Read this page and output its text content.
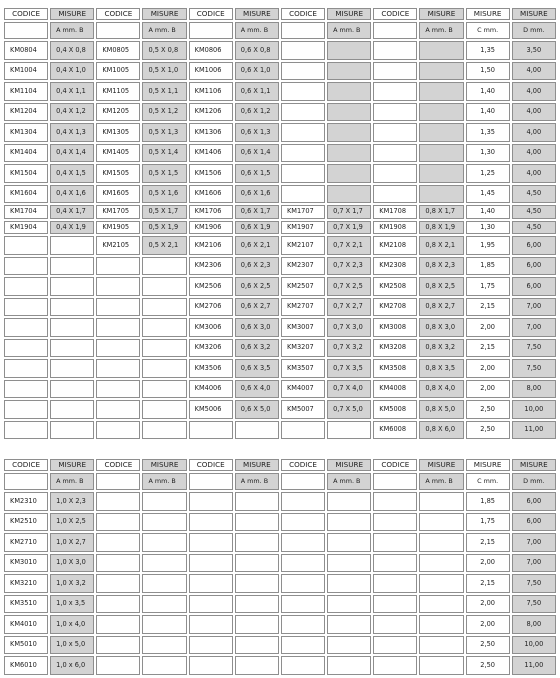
CODICE	MISURE	CODICE	MISURE	CODICE	MISURE	CODICE	MISURE	CODICE	MISURE	MISURE	MISURE
	A mm. B		A mm. B		A mm. B		A mm. B		A mm. B	C mm.	D mm.
KM0804	0,4 X 0,8	KM0805	0,5 X 0,8	KM0806	0,6 X 0,8					1,35	3,50
KM1004	0,4 X 1,0	KM1005	0,5 X 1,0	KM1006	0,6 X 1,0					1,50	4,00
KM1104	0,4 X 1,1	KM1105	0,5 X 1,1	KM1106	0,6 X 1,1					1,40	4,00
KM1204	0,4 X 1,2	KM1205	0,5 X 1,2	KM1206	0,6 X 1,2					1,40	4,00
KM1304	0,4 X 1,3	KM1305	0,5 X 1,3	KM1306	0,6 X 1,3					1,35	4,00
KM1404	0,4 X 1,4	KM1405	0,5 X 1,4	KM1406	0,6 X 1,4					1,30	4,00
KM1504	0,4 X 1,5	KM1505	0,5 X 1,5	KM1506	0,6 X 1,5					1,25	4,00
KM1604	0,4 X 1,6	KM1605	0,5 X 1,6	KM1606	0,6 X 1,6					1,45	4,50
KM1704	0,4 X 1,7	KM1705	0,5 X 1,7	KM1706	0,6 X 1,7	KM1707	0,7 X 1,7	KM1708	0,8 X 1,7	1,40	4,50
KM1904	0,4 X 1,9	KM1905	0,5 X 1,9	KM1906	0,6 X 1,9	KM1907	0,7 X 1,9	KM1908	0,8 X 1,9	1,30	4,50
		KM2105	0,5 X 2,1	KM2106	0,6 X 2,1	KM2107	0,7 X 2,1	KM2108	0,8 X 2,1	1,95	6,00
				KM2306	0,6 X 2,3	KM2307	0,7 X 2,3	KM2308	0,8 X 2,3	1,85	6,00
				KM2506	0,6 X 2,5	KM2507	0,7 X 2,5	KM2508	0,8 X 2,5	1,75	6,00
				KM2706	0,6 X 2,7	KM2707	0,7 X 2,7	KM2708	0,8 X 2,7	2,15	7,00
				KM3006	0,6 X 3,0	KM3007	0,7 X 3,0	KM3008	0,8 X 3,0	2,00	7,00
				KM3206	0,6 X 3,2	KM3207	0,7 X 3,2	KM3208	0,8 X 3,2	2,15	7,50
				KM3506	0,6 X 3,5	KM3507	0,7 X 3,5	KM3508	0,8 X 3,5	2,00	7,50
				KM4006	0,6 X 4,0	KM4007	0,7 X 4,0	KM4008	0,8 X 4,0	2,00	8,00
				KM5006	0,6 X 5,0	KM5007	0,7 X 5,0	KM5008	0,8 X 5,0	2,50	10,00
								KM6008	0,8 X 6,0	2,50	11,00
CODICE	MISURE	CODICE	MISURE	CODICE	MISURE	CODICE	MISURE	CODICE	MISURE	MISURE	MISURE
	A mm. B		A mm. B		A mm. B		A mm. B		A mm. B	C mm.	D mm.
KM2310	1,0 X 2,3									1,85	6,00
KM2510	1,0 X 2,5									1,75	6,00
KM2710	1,0 X 2,7									2,15	7,00
KM3010	1,0 X 3,0									2,00	7,00
KM3210	1,0 X 3,2									2,15	7,50
KM3510	1,0 x 3,5									2,00	7,50
KM4010	1,0 x 4,0									2,00	8,00
KM5010	1,0 x 5,0									2,50	10,00
KM6010	1,0 x 6,0									2,50	11,00
